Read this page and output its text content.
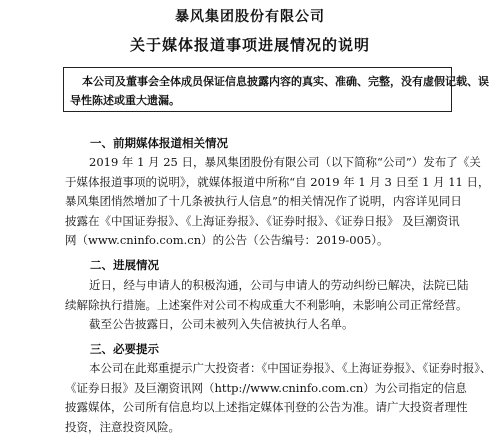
暴风集团股份有限公司
关于媒体报道事项进展情况的说明
本公司及董事会全体成员保证信息披露内容的真实、准确、完整，没有虚假记载、误
导性陈述或重大遗漏。
一、前期媒体报道相关情况
2019 年 1 月 25 日，暴风集团股份有限公司（以下简称“公司”）发布了《关
于媒体报道事项的说明》，就媒体报道中所称“自 2019 年 1 月 3 日至 1 月 11 日，
暴风集团悄然增加了十几条被执行人信息”的相关情况作了说明，内容详见同日
披露在《中国证券报》、《上海证券报》、《证券时报》、《证券日报》 及巨潮资讯
网（www.cninfo.com.cn）的公告（公告编号：2019-005）。
二、进展情况
近日，经与申请人的积极沟通，公司与申请人的劳动纠纷已解决，法院已陆
续解除执行措施。上述案件对公司不构成重大不利影响，未影响公司正常经营。
截至公告披露日，公司未被列入失信被执行人名单。
三、必要提示
本公司在此郑重提示广大投资者：《中国证券报》、《上海证券报》、《证券时报》、
《证券日报》及巨潮资讯网（http://www.cninfo.com.cn）为公司指定的信息
披露媒体，公司所有信息均以上述指定媒体刊登的公告为准。请广大投资者理性
投资，注意投资风险。
